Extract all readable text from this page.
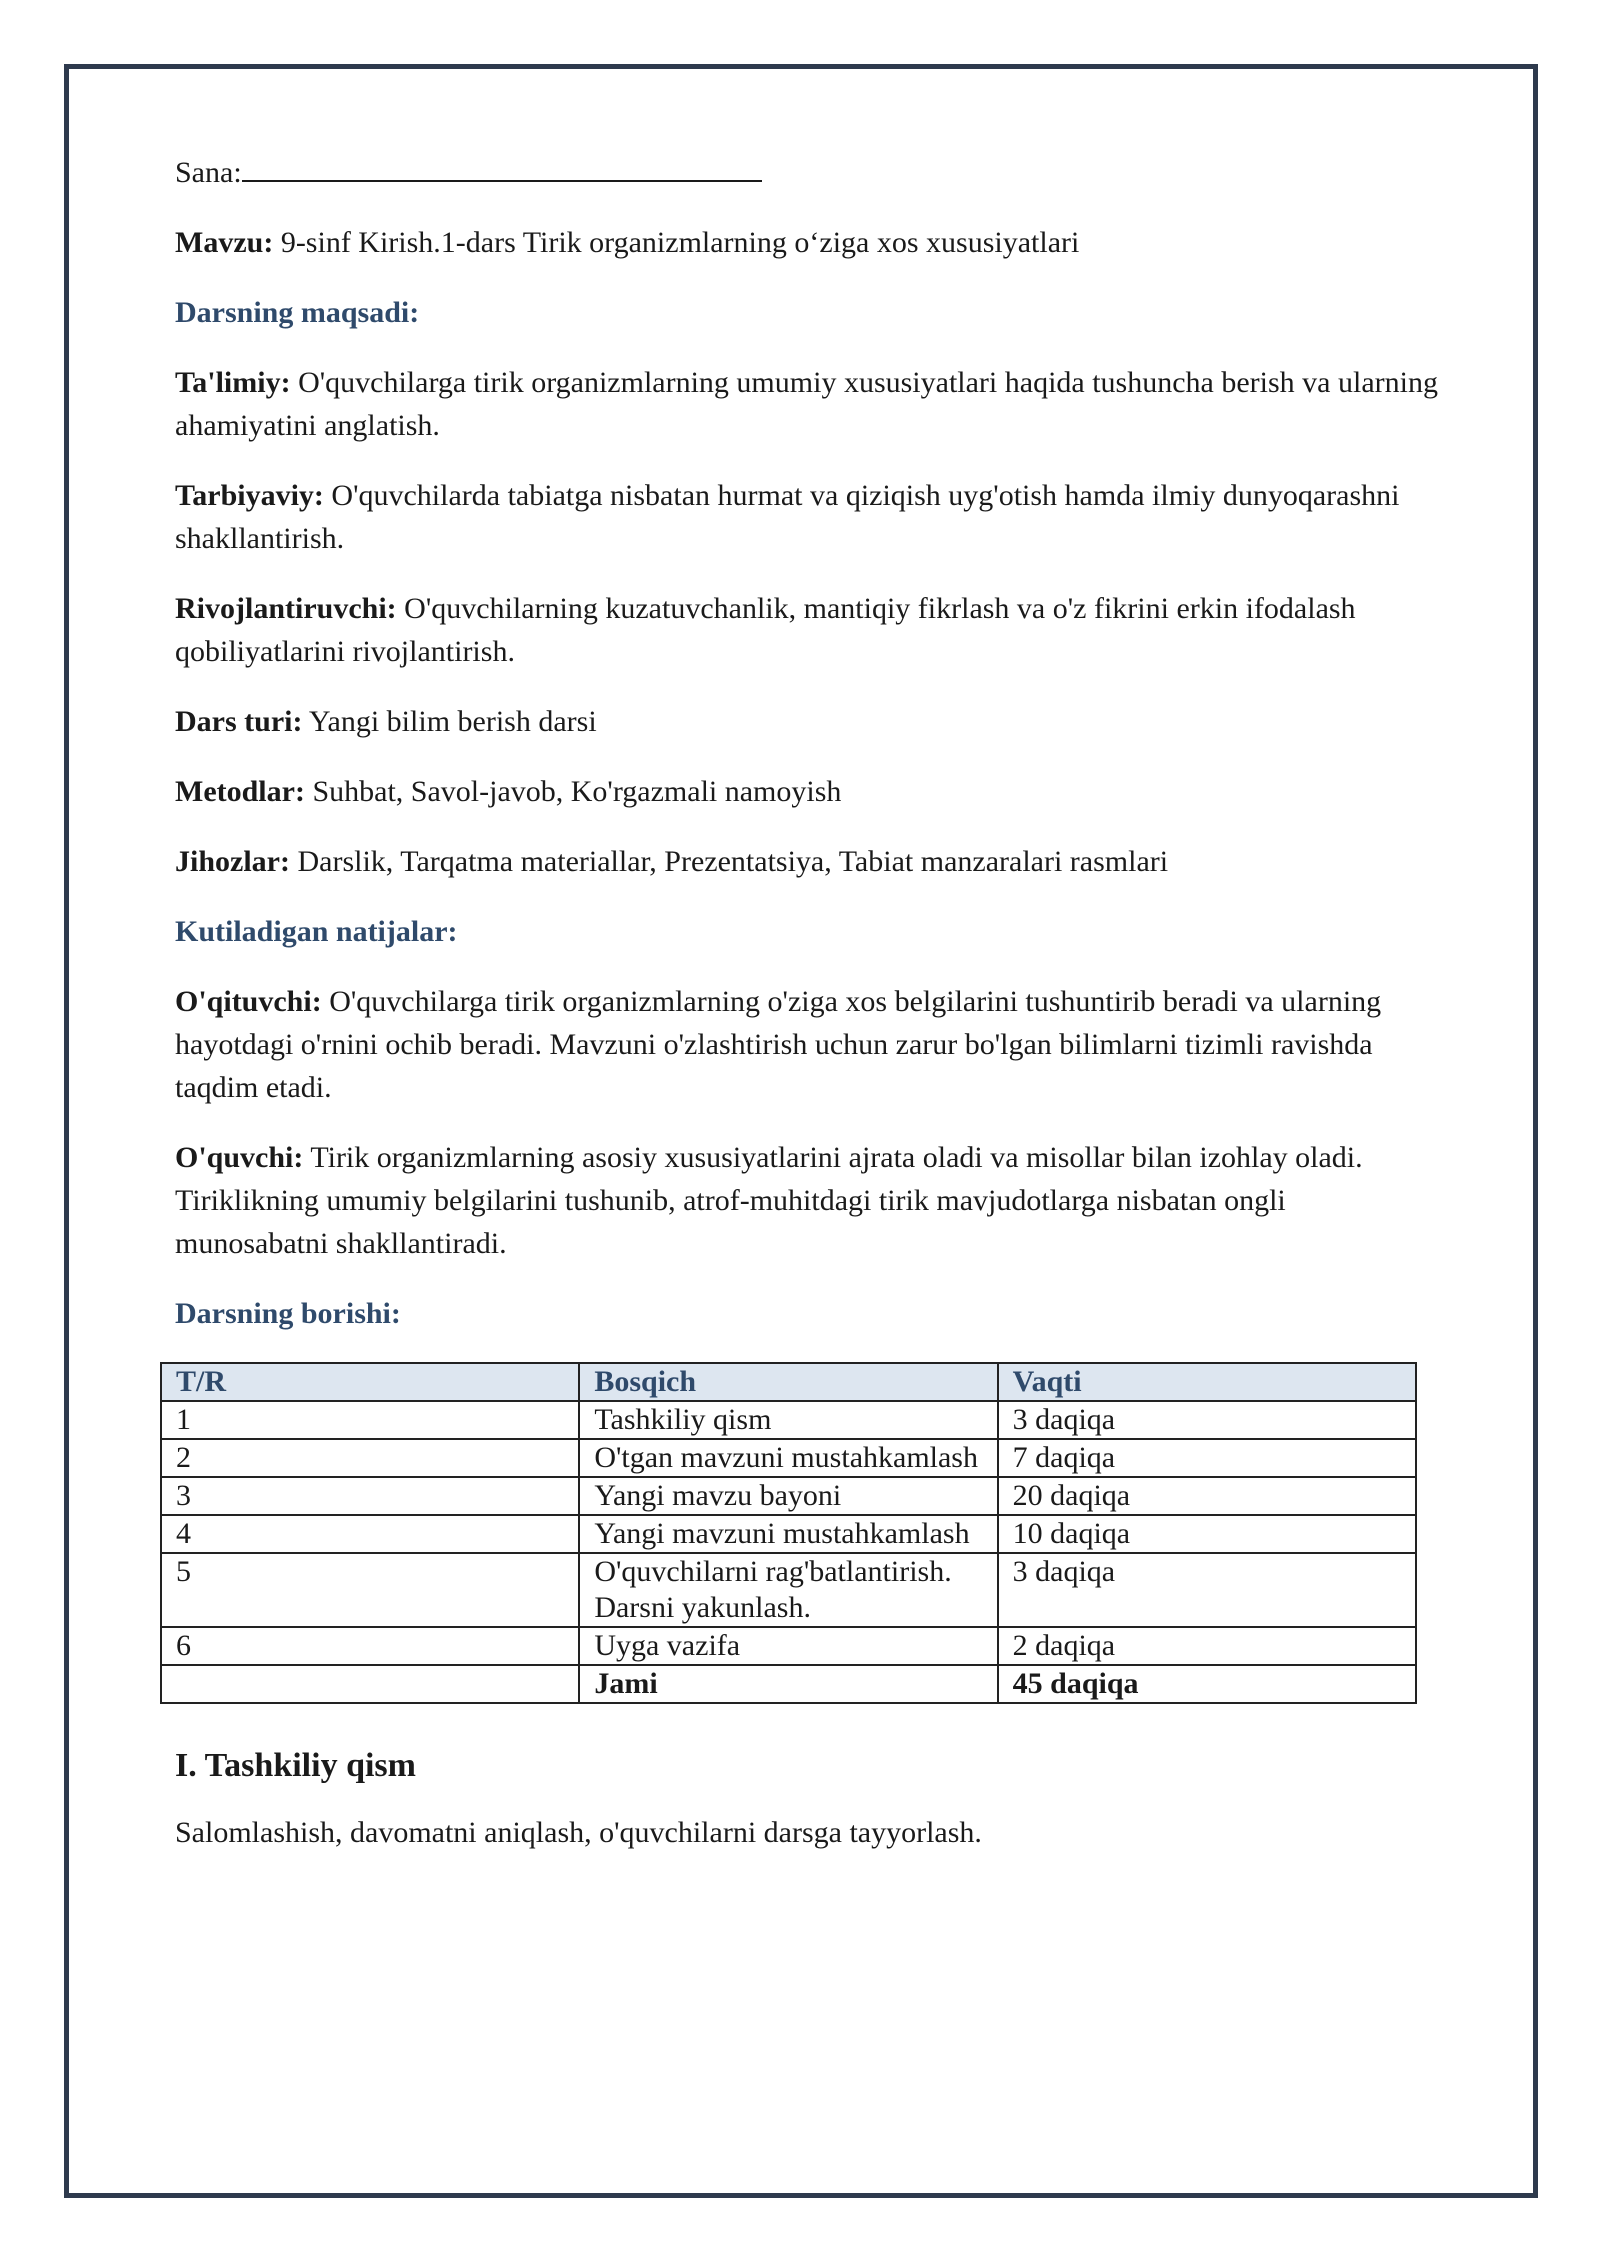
Sana:

Mavzu: 9-sinf Kirish.1-dars Tirik organizmlarning o‘ziga xos xususiyatlari

Darsning maqsadi:

Ta'limiy: O'quvchilarga tirik organizmlarning umumiy xususiyatlari haqida tushuncha berish va ularning ahamiyatini anglatish.

Tarbiyaviy: O'quvchilarda tabiatga nisbatan hurmat va qiziqish uyg'otish hamda ilmiy dunyoqarashni shakllantirish.

Rivojlantiruvchi: O'quvchilarning kuzatuvchanlik, mantiqiy fikrlash va o'z fikrini erkin ifodalash qobiliyatlarini rivojlantirish.

Dars turi: Yangi bilim berish darsi

Metodlar: Suhbat, Savol-javob, Ko'rgazmali namoyish

Jihozlar: Darslik, Tarqatma materiallar, Prezentatsiya, Tabiat manzaralari rasmlari

Kutiladigan natijalar:

O'qituvchi: O'quvchilarga tirik organizmlarning o'ziga xos belgilarini tushuntirib beradi va ularning hayotdagi o'rnini ochib beradi. Mavzuni o'zlashtirish uchun zarur bo'lgan bilimlarni tizimli ravishda taqdim etadi.

O'quvchi: Tirik organizmlarning asosiy xususiyatlarini ajrata oladi va misollar bilan izohlay oladi. Tiriklikning umumiy belgilarini tushunib, atrof-muhitdagi tirik mavjudotlarga nisbatan ongli munosabatni shakllantiradi.

Darsning borishi:

T/R	Bosqich	Vaqti
1	Tashkiliy qism	3 daqiqa
2	O'tgan mavzuni mustahkamlash	7 daqiqa
3	Yangi mavzu bayoni	20 daqiqa
4	Yangi mavzuni mustahkamlash	10 daqiqa
5	O'quvchilarni rag'batlantirish. Darsni yakunlash.	3 daqiqa
6	Uyga vazifa	2 daqiqa
	Jami	45 daqiqa

I. Tashkiliy qism

Salomlashish, davomatni aniqlash, o'quvchilarni darsga tayyorlash.
